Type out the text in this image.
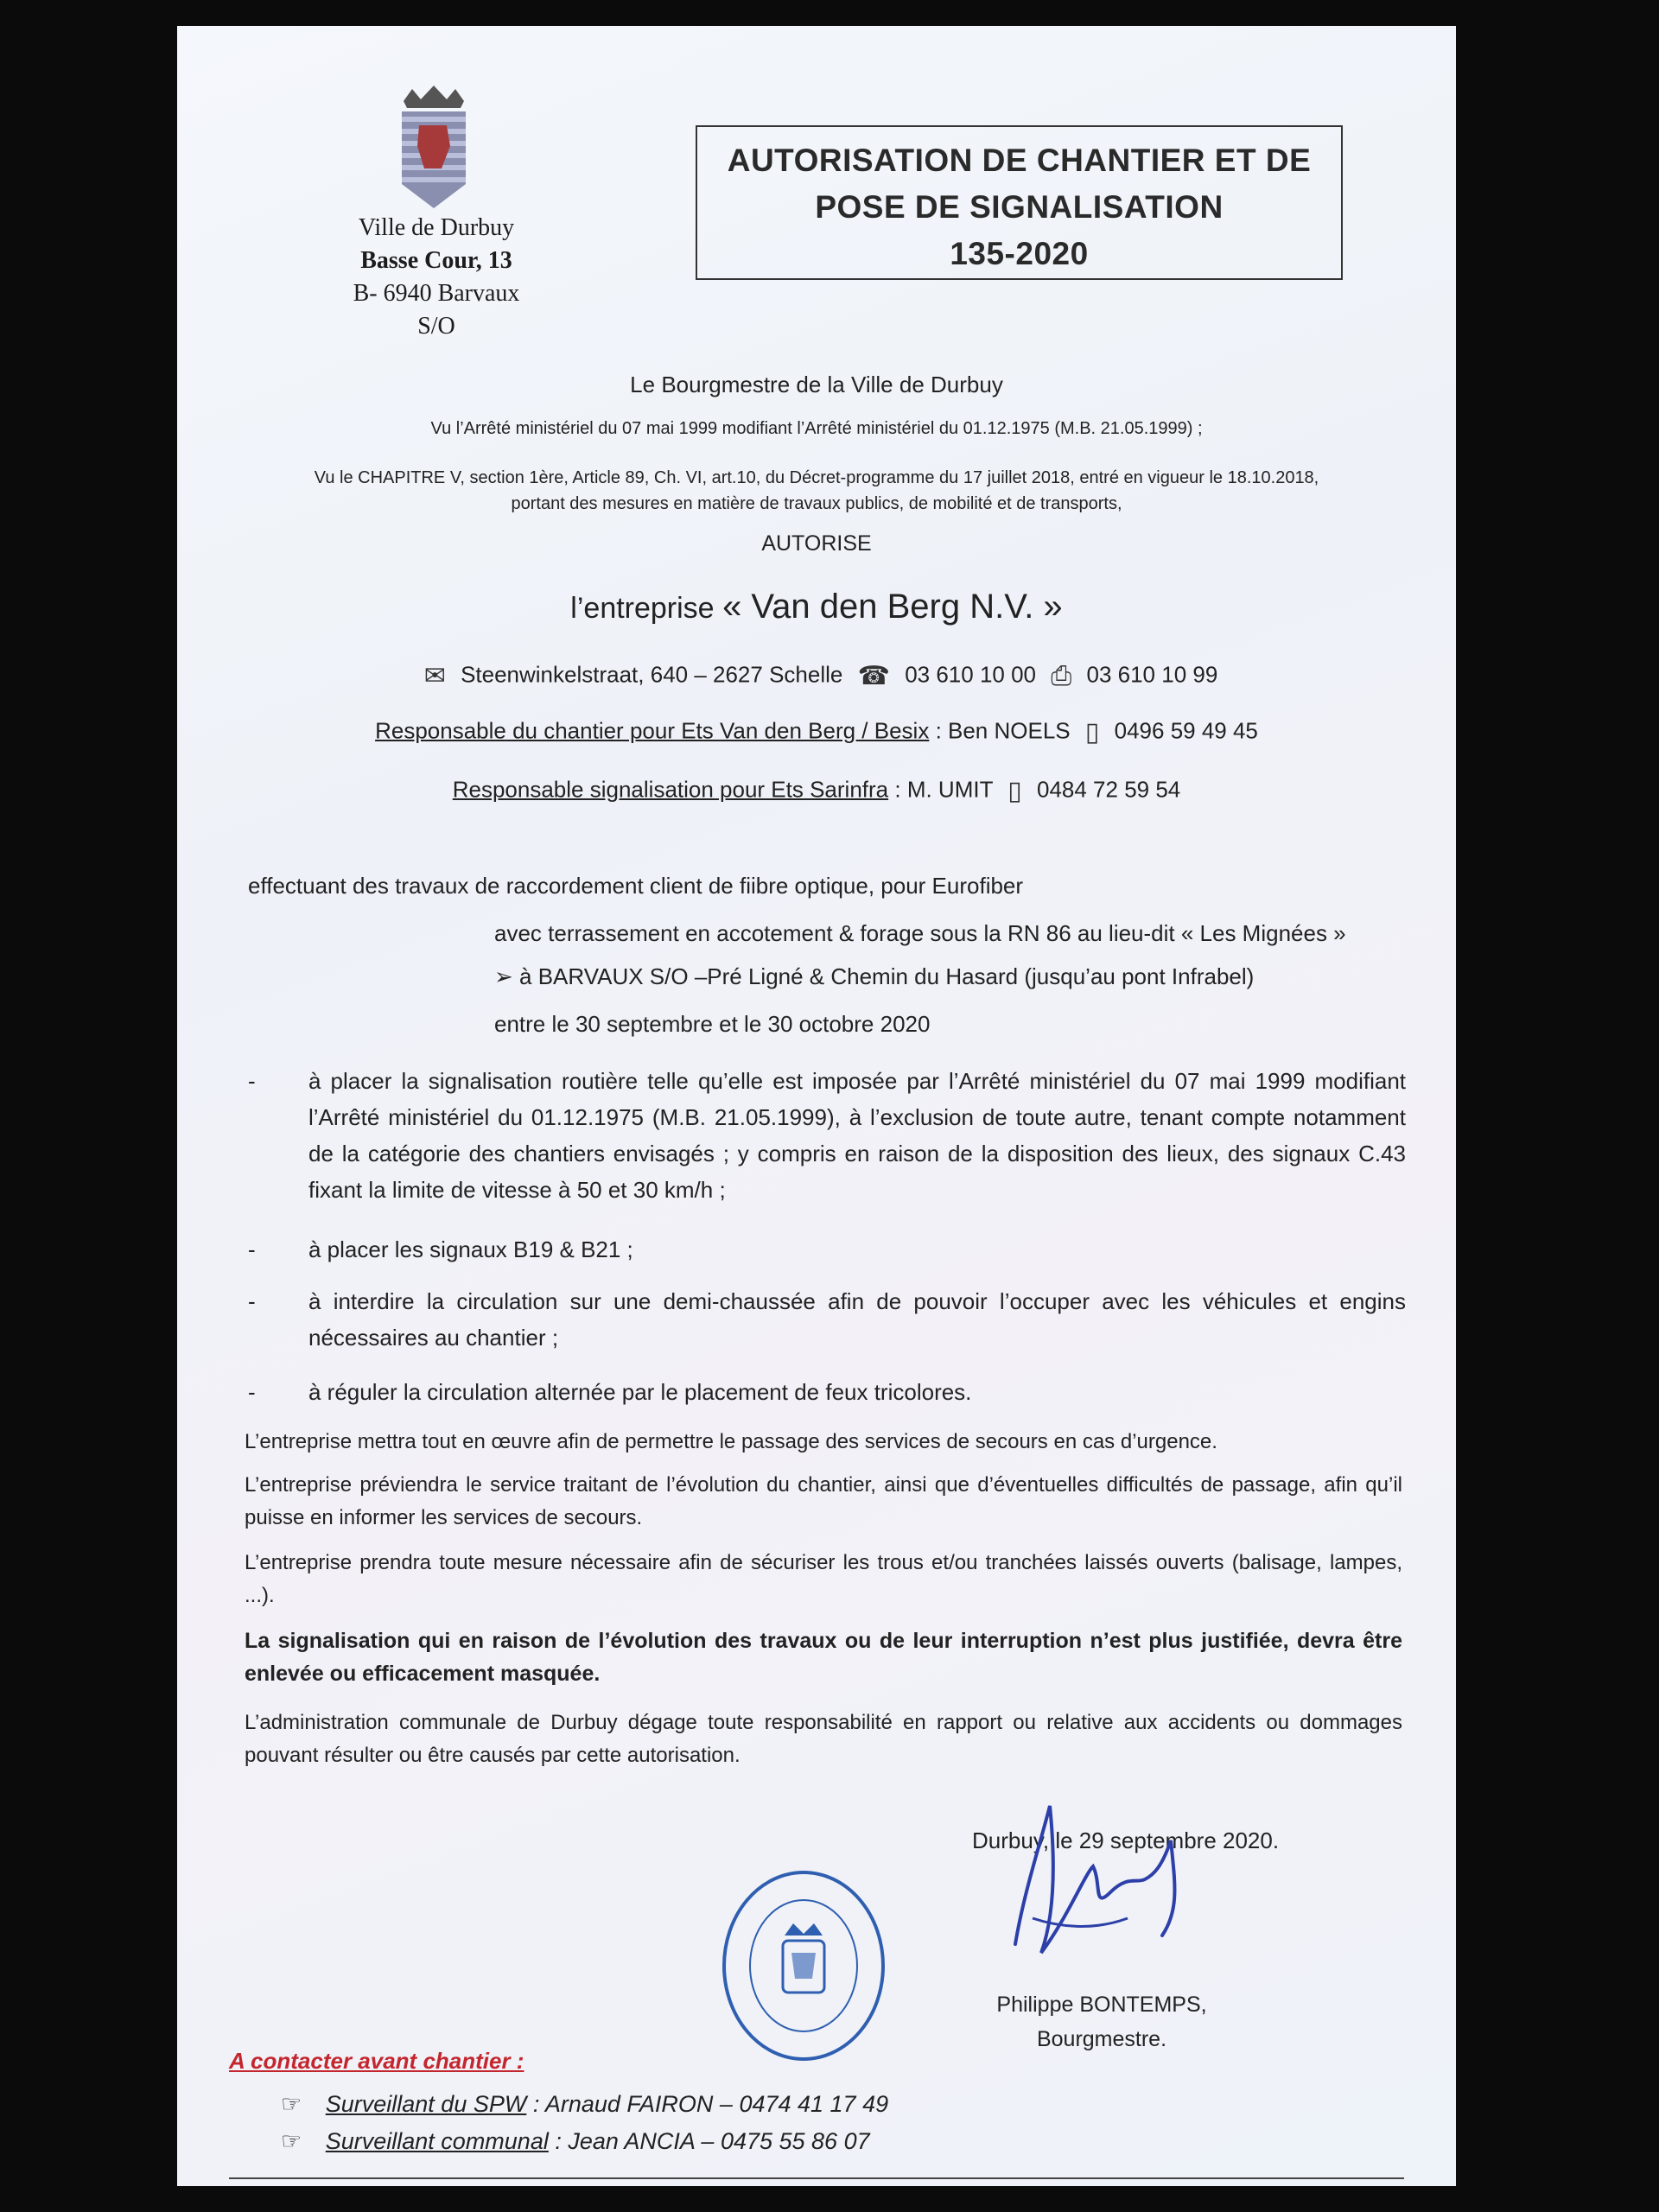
Ville de Durbuy
Basse Cour, 13
B- 6940 Barvaux S/O
AUTORISATION DE CHANTIER ET DE
POSE DE SIGNALISATION
135-2020
Le Bourgmestre de la Ville de Durbuy
Vu l’Arrêté ministériel du 07 mai 1999 modifiant l’Arrêté ministériel du 01.12.1975 (M.B. 21.05.1999) ;
Vu le CHAPITRE V, section 1ère, Article 89, Ch. VI, art.10, du Décret-programme du 17 juillet 2018, entré en vigueur le 18.10.2018,
portant des mesures en matière de travaux publics, de mobilité et de transports,
AUTORISE
l’entreprise « Van den Berg N.V. »
✉ Steenwinkelstraat, 640 – 2627 Schelle ☎ 03 610 10 00 ⎙ 03 610 10 99
Responsable du chantier pour Ets Van den Berg / Besix : Ben NOELS ▯ 0496 59 49 45
Responsable signalisation pour Ets Sarinfra : M. UMIT ▯ 0484 72 59 54
effectuant des travaux de raccordement client de fiibre optique, pour Eurofiber
avec terrassement en accotement & forage sous la RN 86 au lieu-dit « Les Mignées »
➢ à BARVAUX S/O –Pré Ligné & Chemin du Hasard (jusqu’au pont Infrabel)
entre le 30 septembre et le 30 octobre 2020
-	à placer la signalisation routière telle qu’elle est imposée par l’Arrêté ministériel du 07 mai 1999 modifiant l’Arrêté ministériel du 01.12.1975 (M.B. 21.05.1999), à l’exclusion de toute autre, tenant compte notamment de la catégorie des chantiers envisagés ; y compris en raison de la disposition des lieux, des signaux C.43 fixant la limite de vitesse à 50 et 30 km/h ;
-	à placer les signaux B19 & B21 ;
-	à interdire la circulation sur une demi-chaussée afin de pouvoir l’occuper avec les véhicules et engins nécessaires au chantier ;
-	à réguler la circulation alternée par le placement de feux tricolores.
L’entreprise mettra tout en œuvre afin de permettre le passage des services de secours en cas d’urgence.
L’entreprise préviendra le service traitant de l’évolution du chantier, ainsi que d’éventuelles difficultés de passage, afin qu’il puisse en informer les services de secours.
L’entreprise prendra toute mesure nécessaire afin de sécuriser les trous et/ou tranchées laissés ouverts (balisage, lampes, ...).
La signalisation qui en raison de l’évolution des travaux ou de leur interruption n’est plus justifiée, devra être enlevée ou efficacement masquée.
L’administration communale de Durbuy dégage toute responsabilité en rapport ou relative aux accidents ou dommages pouvant résulter ou être causés par cette autorisation.
Durbuy, le 29 septembre 2020.
Philippe BONTEMPS,
Bourgmestre.
A contacter avant chantier :
☞ Surveillant du SPW : Arnaud FAIRON – 0474 41 17 49
☞ Surveillant communal : Jean ANCIA – 0475 55 86 07
